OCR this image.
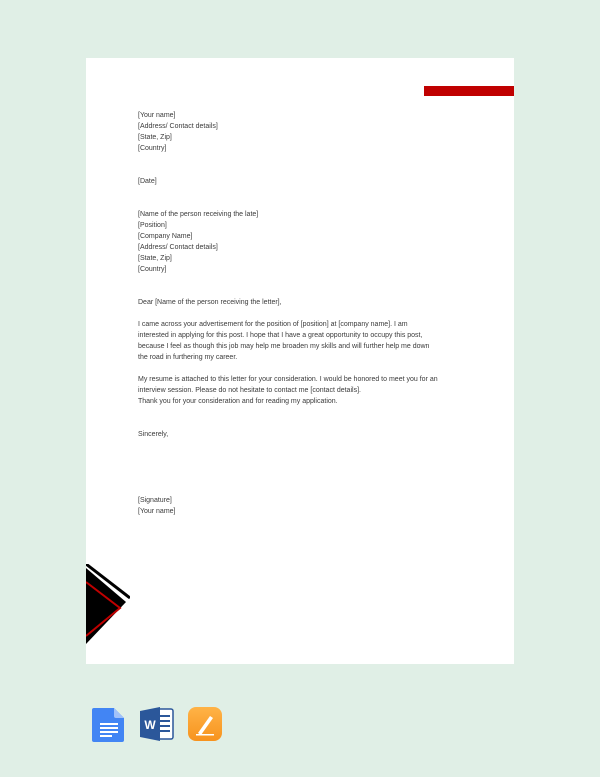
[Your name]
[Address/ Contact details]
[State, Zip]
[Country]
[Date]
[Name of the person receiving the late]
[Position]
[Company Name]
[Address/ Contact details]
[State, Zip]
[Country]
Dear [Name of the person receiving the letter],
I came across your advertisement for the position of [position] at [company name]. I am interested in applying for this post. I hope that I have a great opportunity to occupy this post, because I feel as though this job may help me broaden my skills and will further help me down the road in furthering my career.
My resume is attached to this letter for your consideration. I would be honored to meet you for an interview session. Please do not hesitate to contact me [contact details].
Thank you for your consideration and for reading my application.
Sincerely,
[Signature]
[Your name]
W
